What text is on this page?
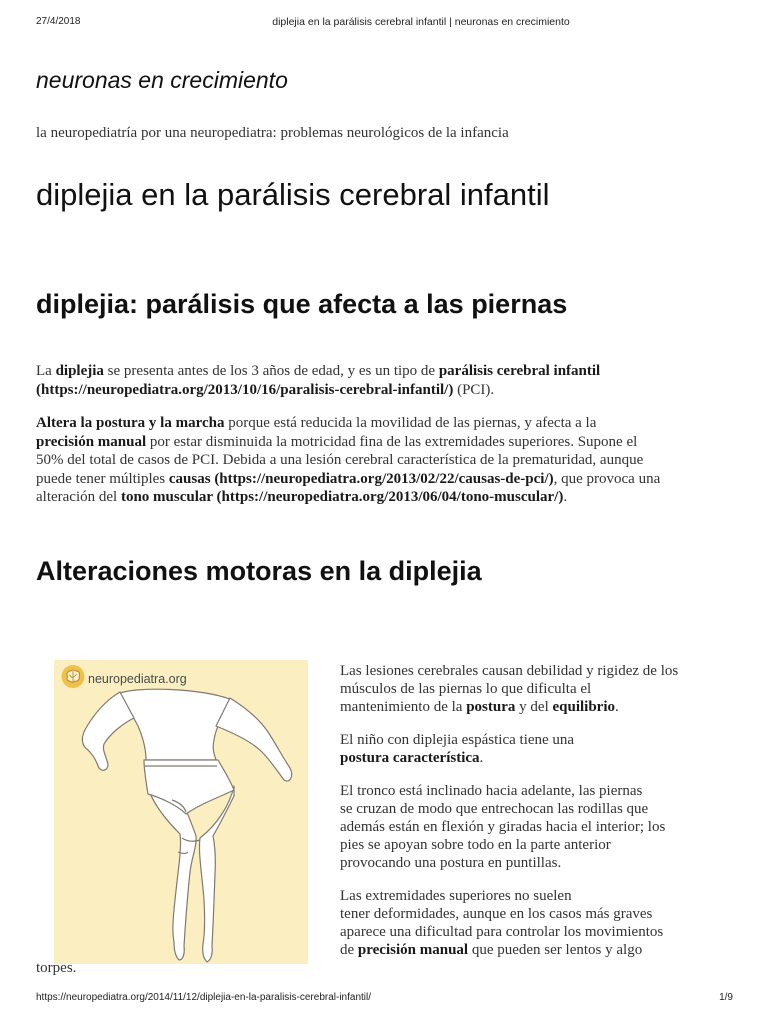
27/4/2018	diplejia en la parálisis cerebral infantil | neuronas en crecimiento
neuronas en crecimiento
la neuropediatría por una neuropediatra: problemas neurológicos de la infancia
diplejia en la parálisis cerebral infantil
diplejia: parálisis que afecta a las piernas
La diplejia se presenta antes de los 3 años de edad, y es un tipo de parálisis cerebral infantil
(https://neuropediatra.org/2013/10/16/paralisis-cerebral-infantil/) (PCI).
Altera la postura y la marcha porque está reducida la movilidad de las piernas, y afecta a la
precisión manual por estar disminuida la motricidad fina de las extremidades superiores. Supone el
50% del total de casos de PCI. Debida a una lesión cerebral característica de la prematuridad, aunque
puede tener múltiples causas (https://neuropediatra.org/2013/02/22/causas-de-pci/), que provoca una
alteración del tono muscular (https://neuropediatra.org/2013/06/04/tono-muscular/).
Alteraciones motoras en la diplejia
neuropediatra.org	Las lesiones cerebrales causan debilidad y rigidez de los
músculos de las piernas lo que dificulta el
mantenimiento de la postura y del equilibrio.
El niño con diplejia espástica tiene una
postura característica.
El tronco está inclinado hacia adelante, las piernas
se cruzan de modo que entrechocan las rodillas que
además están en flexión y giradas hacia el interior; los
pies se apoyan sobre todo en la parte anterior
provocando una postura en puntillas.
Las extremidades superiores no suelen
tener deformidades, aunque en los casos más graves
aparece una dificultad para controlar los movimientos
de precisión manual que pueden ser lentos y algo
torpes.
https://neuropediatra.org/2014/11/12/diplejia-en-la-paralisis-cerebral-infantil/	1/9
